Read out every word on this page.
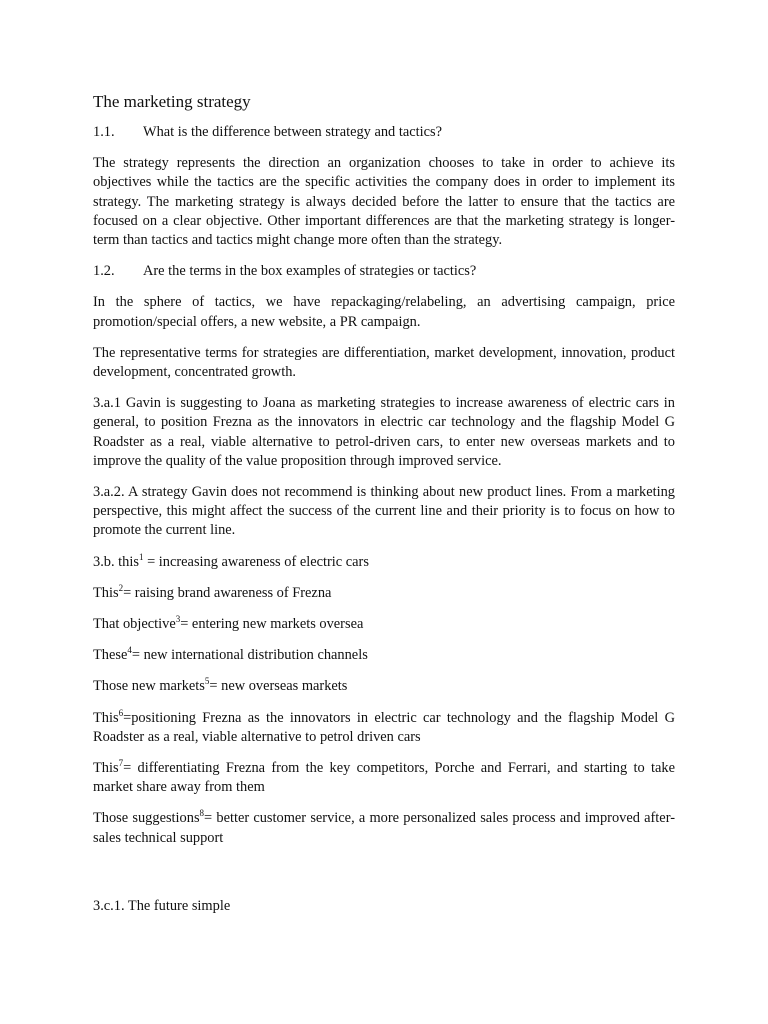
The marketing strategy

1.1. What is the difference between strategy and tactics?

The strategy represents the direction an organization chooses to take in order to achieve its objectives while the tactics are the specific activities the company does in order to implement its strategy. The marketing strategy is always decided before the latter to ensure that the tactics are focused on a clear objective. Other important differences are that the marketing strategy is longer-term than tactics and tactics might change more often than the strategy.

1.2. Are the terms in the box examples of strategies or tactics?

In the sphere of tactics, we have repackaging/relabeling, an advertising campaign, price promotion/special offers, a new website, a PR campaign.

The representative terms for strategies are differentiation, market development, innovation, product development, concentrated growth.

3.a.1 Gavin is suggesting to Joana as marketing strategies to increase awareness of electric cars in general, to position Frezna as the innovators in electric car technology and the flagship Model G Roadster as a real, viable alternative to petrol-driven cars, to enter new overseas markets and to improve the quality of the value proposition through improved service.

3.a.2. A strategy Gavin does not recommend is thinking about new product lines. From a marketing perspective, this might affect the success of the current line and their priority is to focus on how to promote the current line.

3.b. this$^1$ = increasing awareness of electric cars

This$^2$= raising brand awareness of Frezna

That objective$^3$= entering new markets oversea

These$^4$= new international distribution channels

Those new markets$^5$= new overseas markets

This$^6$=positioning Frezna as the innovators in electric car technology and the flagship Model G Roadster as a real, viable alternative to petrol driven cars

This$^7$= differentiating Frezna from the key competitors, Porche and Ferrari, and starting to take market share away from them

Those suggestions$^8$= better customer service, a more personalized sales process and improved after-sales technical support

3.c.1. The future simple
